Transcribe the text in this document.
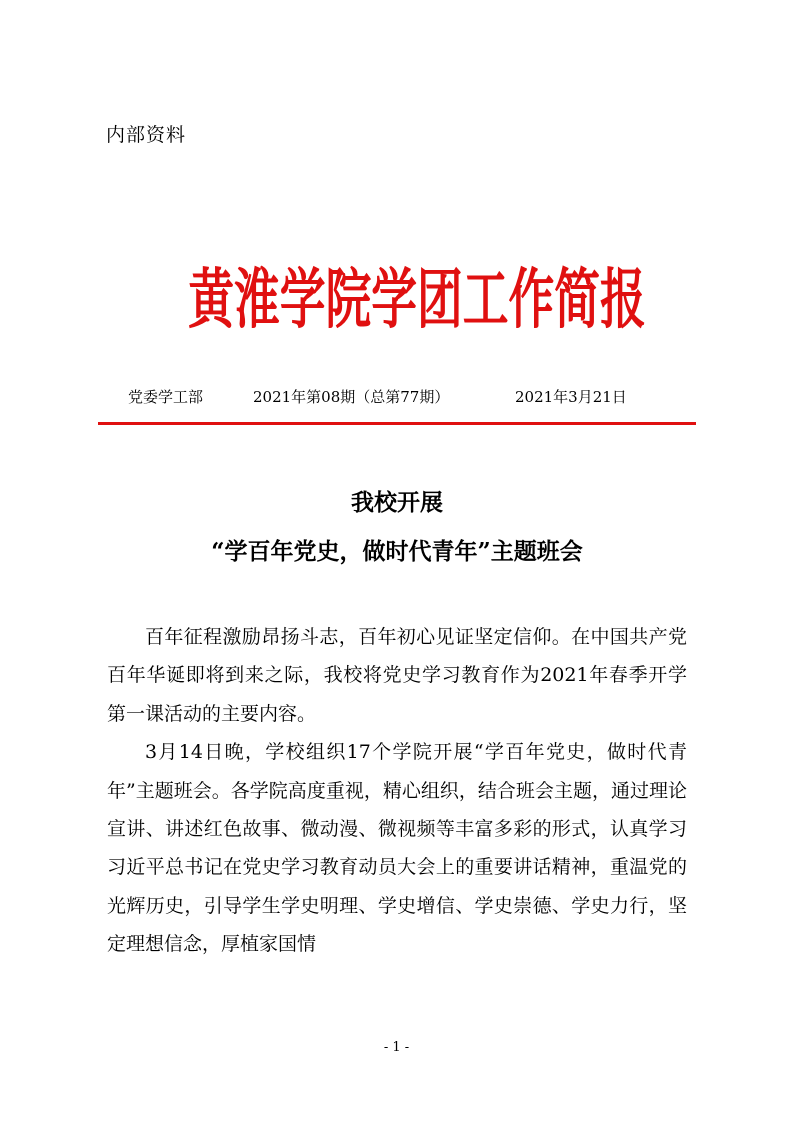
内部资料
黄淮学院学团工作简报
党委学工部	2021年第08期（总第77期）	2021年3月21日
我校开展
“学百年党史，做时代青年”主题班会

百年征程激励昂扬斗志，百年初心见证坚定信仰。在中国共产党百年华诞即将到来之际，我校将党史学习教育作为2021年春季开学第一课活动的主要内容。

3月14日晚，学校组织17个学院开展“学百年党史，做时代青年”主题班会。各学院高度重视，精心组织，结合班会主题，通过理论宣讲、讲述红色故事、微动漫、微视频等丰富多彩的形式，认真学习习近平总书记在党史学习教育动员大会上的重要讲话精神，重温党的光辉历史，引导学生学史明理、学史增信、学史崇德、学史力行，坚定理想信念，厚植家国情

- 1 -
